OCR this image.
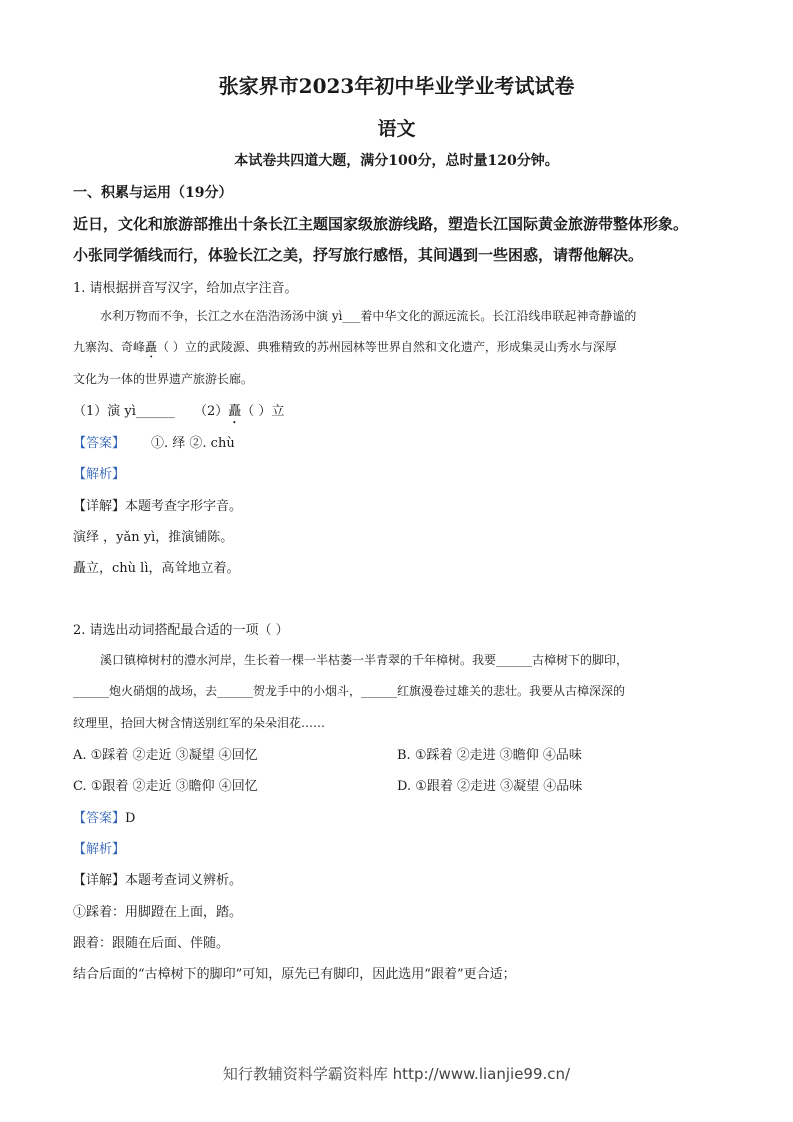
张家界市2023年初中毕业学业考试试卷
语文
本试卷共四道大题，满分100分，总时量120分钟。
一、积累与运用（19分）
近日，文化和旅游部推出十条长江主题国家级旅游线路，塑造长江国际黄金旅游带整体形象。
小张同学循线而行，体验长江之美，抒写旅行感悟，其间遇到一些困惑，请帮他解决。
1. 请根据拼音写汉字，给加点字注音。
水利万物而不争，长江之水在浩浩汤汤中演 yì___着中华文化的源远流长。长江沿线串联起神奇静谧的
九寨沟、奇峰矗（ ）立的武陵源、典雅精致的苏州园林等世界自然和文化遗产，形成集灵山秀水与深厚
文化为一体的世界遗产旅游长廊。
（1）演 yì______ （2）矗（ ）立
【答案】 ①. 绎 ②. chù
【解析】
【详解】本题考查字形字音。
演绎 ，yǎn yì，推演铺陈。
矗立，chù lì，高耸地立着。
2. 请选出动词搭配最合适的一项（ ）
溪口镇樟树村的澧水河岸，生长着一棵一半枯萎一半青翠的千年樟树。我要______古樟树下的脚印，
______炮火硝烟的战场，去______贺龙手中的小烟斗，______红旗漫卷过雄关的悲壮。我要从古樟深深的
纹理里，拾回大树含情送别红军的朵朵泪花……
A. ①踩着 ②走近 ③凝望 ④回忆	B. ①踩着 ②走进 ③瞻仰 ④品味
C. ①跟着 ②走近 ③瞻仰 ④回忆	D. ①跟着 ②走进 ③凝望 ④品味
【答案】D
【解析】
【详解】本题考查词义辨析。
①踩着：用脚蹬在上面，踏。
跟着：跟随在后面、伴随。
结合后面的“古樟树下的脚印”可知，原先已有脚印，因此选用“跟着”更合适；
知行教辅资料学霸资料库 http://www.lianjie99.cn/
